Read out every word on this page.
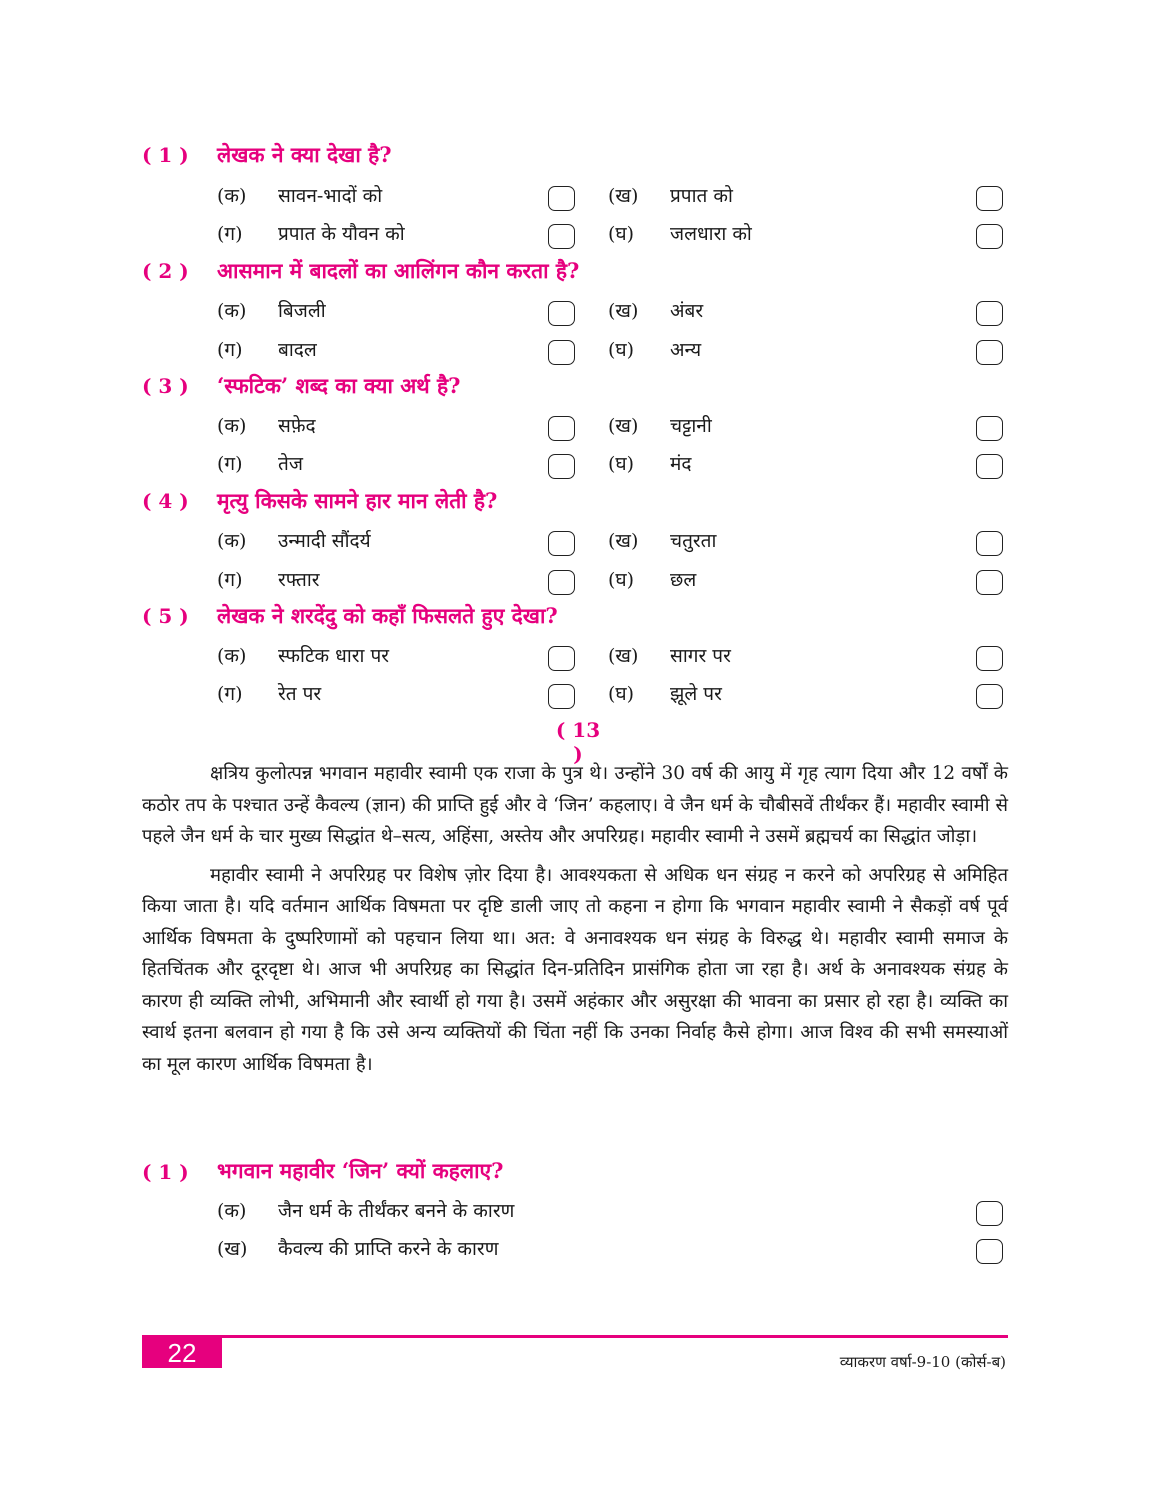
( 1 )	लेखक ने क्या देखा है?
(क) सावन-भादों को	(ख) प्रपात को
(ग) प्रपात के यौवन को	(घ) जलधारा को
( 2 )	आसमान में बादलों का आलिंगन कौन करता है?
(क) बिजली	(ख) अंबर
(ग) बादल	(घ) अन्य
( 3 )	‘स्फटिक’ शब्द का क्या अर्थ है?
(क) सफ़ेद	(ख) चट्टानी
(ग) तेज	(घ) मंद
( 4 )	मृत्यु किसके सामने हार मान लेती है?
(क) उन्मादी सौंदर्य	(ख) चतुरता
(ग) रफ्तार	(घ) छल
( 5 )	लेखक ने शरदेंदु को कहाँ फिसलते हुए देखा?
(क) स्फटिक धारा पर	(ख) सागर पर
(ग) रेत पर	(घ) झूले पर
( 13 )

क्षत्रिय कुलोत्पन्न भगवान महावीर स्वामी एक राजा के पुत्र थे। उन्होंने 30 वर्ष की आयु में गृह त्याग दिया और 12 वर्षों के कठोर तप के पश्चात उन्हें कैवल्य (ज्ञान) की प्राप्ति हुई और वे ‘जिन’ कहलाए। वे जैन धर्म के चौबीसवें तीर्थंकर हैं। महावीर स्वामी से पहले जैन धर्म के चार मुख्य सिद्धांत थे–सत्य, अहिंसा, अस्तेय और अपरिग्रह। महावीर स्वामी ने उसमें ब्रह्मचर्य का सिद्धांत जोड़ा।

महावीर स्वामी ने अपरिग्रह पर विशेष ज़ोर दिया है। आवश्यकता से अधिक धन संग्रह न करने को अपरिग्रह से अमिहित किया जाता है। यदि वर्तमान आर्थिक विषमता पर दृष्टि डाली जाए तो कहना न होगा कि भगवान महावीर स्वामी ने सैकड़ों वर्ष पूर्व आर्थिक विषमता के दुष्परिणामों को पहचान लिया था। अत: वे अनावश्यक धन संग्रह के विरुद्ध थे। महावीर स्वामी समाज के हितचिंतक और दूरदृष्टा थे। आज भी अपरिग्रह का सिद्धांत दिन-प्रतिदिन प्रासंगिक होता जा रहा है। अर्थ के अनावश्यक संग्रह के कारण ही व्यक्ति लोभी, अभिमानी और स्वार्थी हो गया है। उसमें अहंकार और असुरक्षा की भावना का प्रसार हो रहा है। व्यक्ति का स्वार्थ इतना बलवान हो गया है कि उसे अन्य व्यक्तियों की चिंता नहीं कि उनका निर्वाह कैसे होगा। आज विश्व की सभी समस्याओं का मूल कारण आर्थिक विषमता है।

( 1 )	भगवान महावीर ‘जिन’ क्यों कहलाए?
(क) जैन धर्म के तीर्थंकर बनने के कारण
(ख) कैवल्य की प्राप्ति करने के कारण
22	व्याकरण वर्षा-9-10 (कोर्स-ब)
